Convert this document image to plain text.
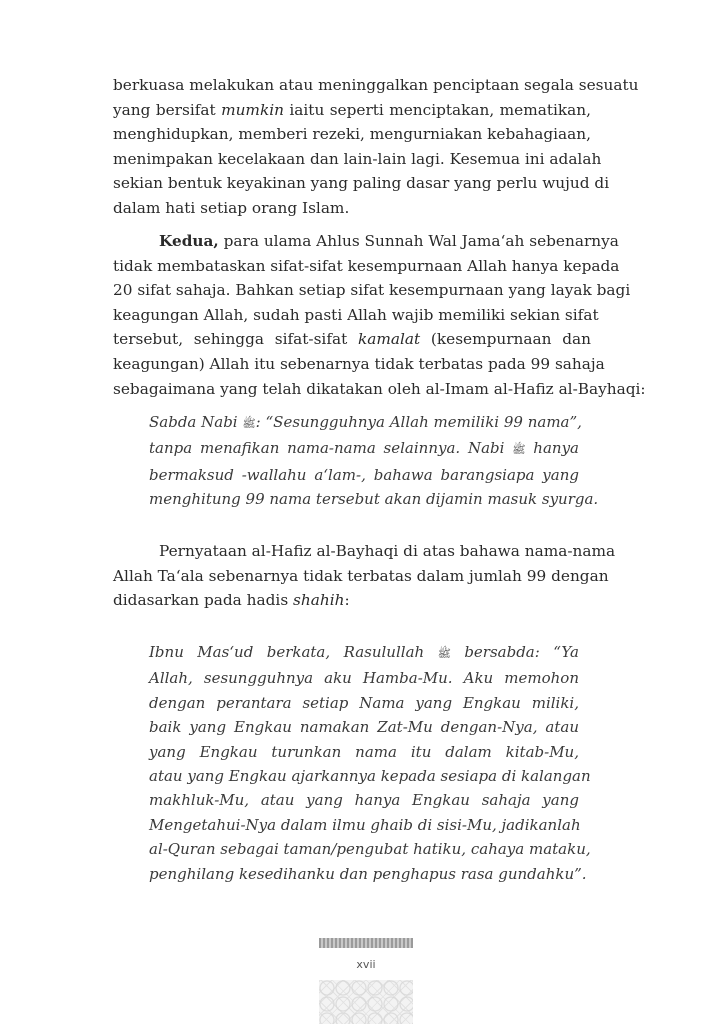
berkuasa melakukan atau meninggalkan penciptaan segala sesuatu
yang bersifat mumkin iaitu seperti menciptakan, mematikan,
menghidupkan, memberi rezeki, mengurniakan kebahagiaan,
menimpakan kecelakaan dan lain-lain lagi. Kesemua ini adalah
sekian bentuk keyakinan yang paling dasar yang perlu wujud di
dalam hati setiap orang Islam.

Kedua, para ulama Ahlus Sunnah Wal Jama‘ah sebenarnya
tidak membataskan sifat-sifat kesempurnaan Allah hanya kepada
20 sifat sahaja. Bahkan setiap sifat kesempurnaan yang layak bagi
keagungan Allah, sudah pasti Allah wajib memiliki sekian sifat
tersebut, sehingga sifat-sifat kamalat (kesempurnaan dan
keagungan) Allah itu sebenarnya tidak terbatas pada 99 sahaja
sebagaimana yang telah dikatakan oleh al-Imam al-Hafiz al-Bayhaqi:

Sabda Nabi ﷺ: “Sesungguhnya Allah memiliki 99 nama”,
tanpa menafikan nama-nama selainnya. Nabi ﷺ hanya
bermaksud -wallahu a‘lam-, bahawa barangsiapa yang
menghitung 99 nama tersebut akan dijamin masuk syurga.

Pernyataan al-Hafiz al-Bayhaqi di atas bahawa nama-nama
Allah Ta‘ala sebenarnya tidak terbatas dalam jumlah 99 dengan
didasarkan pada hadis shahih:

Ibnu Mas‘ud berkata, Rasulullah ﷺ bersabda: “Ya
Allah, sesungguhnya aku Hamba-Mu. Aku memohon
dengan perantara setiap Nama yang Engkau miliki,
baik yang Engkau namakan Zat-Mu dengan-Nya, atau
yang Engkau turunkan nama itu dalam kitab-Mu,
atau yang Engkau ajarkannya kepada sesiapa di kalangan
makhluk-Mu, atau yang hanya Engkau sahaja yang
Mengetahui-Nya dalam ilmu ghaib di sisi-Mu, jadikanlah
al-Quran sebagai taman/pengubat hatiku, cahaya mataku,
penghilang kesedihanku dan penghapus rasa gundahku”.

xvii
